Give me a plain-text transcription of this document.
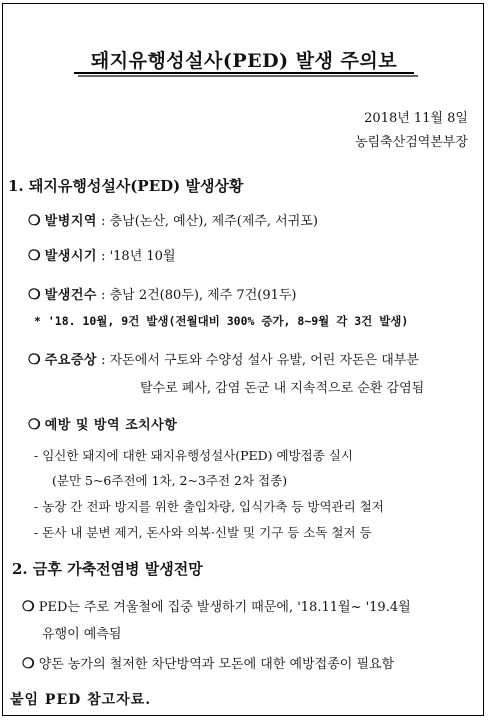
돼지유행성설사(PED) 발생 주의보
2018년 11월 8일
농림축산검역본부장
1. 돼지유행성설사(PED) 발생상황
❍ 발병지역 : 충남(논산, 예산), 제주(제주, 서귀포)
❍ 발생시기 : '18년 10월
❍ 발생건수 : 충남 2건(80두), 제주 7건(91두)
* '18. 10월, 9건 발생(전월대비 300% 증가, 8~9월 각 3건 발생)
❍ 주요증상 : 자돈에서 구토와 수양성 설사 유발, 어린 자돈은 대부분
탈수로 폐사, 감염 돈군 내 지속적으로 순환 감염됨
❍ 예방 및 방역 조치사항
- 임신한 돼지에 대한 돼지유행성설사(PED) 예방접종 실시
(분만 5~6주전에 1차, 2~3주전 2차 접종)
- 농장 간 전파 방지를 위한 출입차량, 입식가축 등 방역관리 철저
- 돈사 내 분변 제거, 돈사와 의복·신발 및 기구 등 소독 철저 등
2. 금후 가축전염병 발생전망
❍ PED는 주로 겨울철에 집중 발생하기 때문에, '18.11월~ '19.4월
유행이 예측됨
❍ 양돈 농가의 철저한 차단방역과 모돈에 대한 예방접종이 필요함
붙임 PED 참고자료.
